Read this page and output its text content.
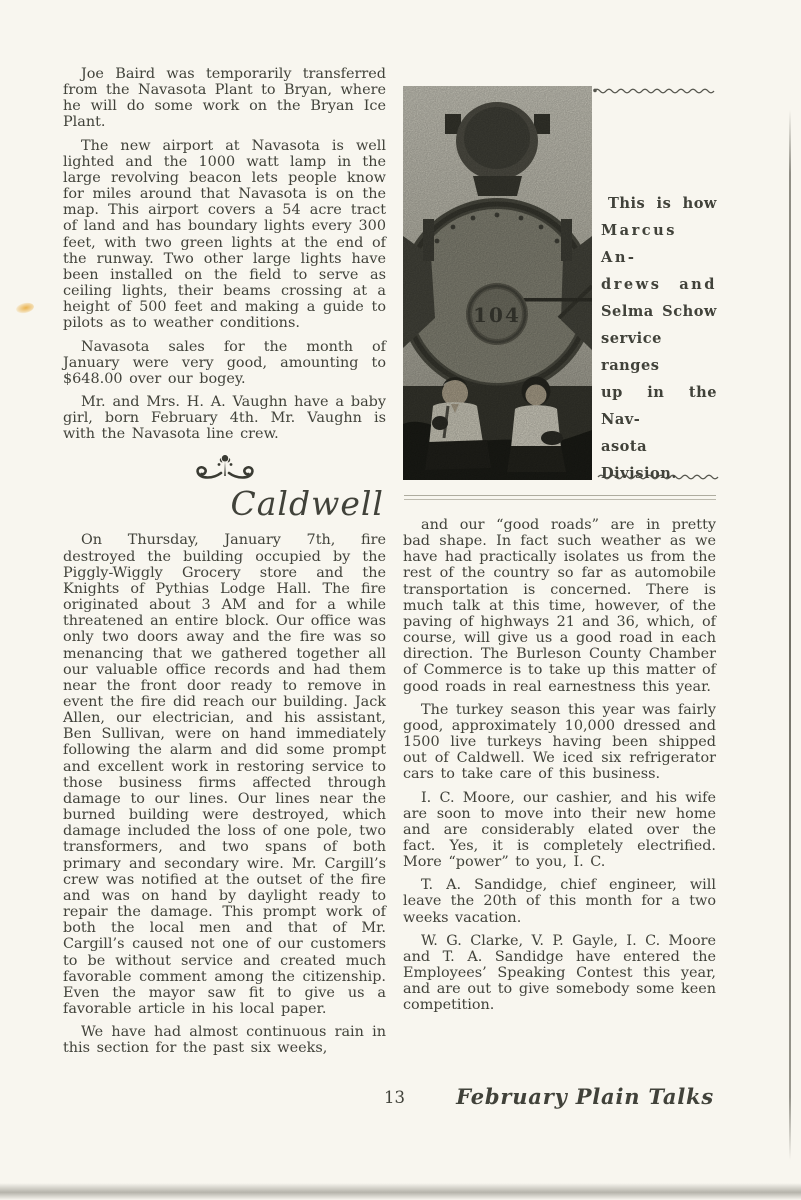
Joe Baird was temporarily transferred from the Navasota Plant to Bryan, where he will do some work on the Bryan Ice Plant.

The new airport at Navasota is well lighted and the 1000 watt lamp in the large revolving beacon lets people know for miles around that Navasota is on the map. This airport covers a 54 acre tract of land and has boundary lights every 300 feet, with two green lights at the end of the runway. Two other large lights have been installed on the field to serve as ceiling lights, their beams crossing at a height of 500 feet and making a guide to pilots as to weather conditions.

Navasota sales for the month of January were very good, amounting to $648.00 over our bogey.

Mr. and Mrs. H. A. Vaughn have a baby girl, born February 4th. Mr. Vaughn is with the Navasota line crew.

Caldwell

On Thursday, January 7th, fire destroyed the building occupied by the Piggly-Wiggly Grocery store and the Knights of Pythias Lodge Hall. The fire originated about 3 AM and for a while threatened an entire block. Our office was only two doors away and the fire was so menancing that we gathered together all our valuable office records and had them near the front door ready to remove in event the fire did reach our building. Jack Allen, our electrician, and his assistant, Ben Sullivan, were on hand immediately following the alarm and did some prompt and excellent work in restoring service to those business firms affected through damage to our lines. Our lines near the burned building were destroyed, which damage included the loss of one pole, two transformers, and two spans of both primary and secondary wire. Mr. Cargill’s crew was notified at the outset of the fire and was on hand by daylight ready to repair the damage. This prompt work of both the local men and that of Mr. Cargill’s caused not one of our customers to be without service and created much favorable comment among the citizenship. Even the mayor saw fit to give us a favorable article in his local paper.

We have had almost continuous rain in this section for the past six weeks,

104
This is how
Marcus An-
drews and
Selma Schow
service ranges
up in the Nav-
asota Division.

and our “good roads” are in pretty bad shape. In fact such weather as we have had practically isolates us from the rest of the country so far as automobile transportation is concerned. There is much talk at this time, however, of the paving of highways 21 and 36, which, of course, will give us a good road in each direction. The Burleson County Chamber of Commerce is to take up this matter of good roads in real earnestness this year.

The turkey season this year was fairly good, approximately 10,000 dressed and 1500 live turkeys having been shipped out of Caldwell. We iced six refrigerator cars to take care of this business.

I. C. Moore, our cashier, and his wife are soon to move into their new home and are considerably elated over the fact. Yes, it is completely electrified. More “power” to you, I. C.

T. A. Sandidge, chief engineer, will leave the 20th of this month for a two weeks vacation.

W. G. Clarke, V. P. Gayle, I. C. Moore and T. A. Sandidge have entered the Employees’ Speaking Contest this year, and are out to give somebody some keen competition.

13 February Plain Talks
